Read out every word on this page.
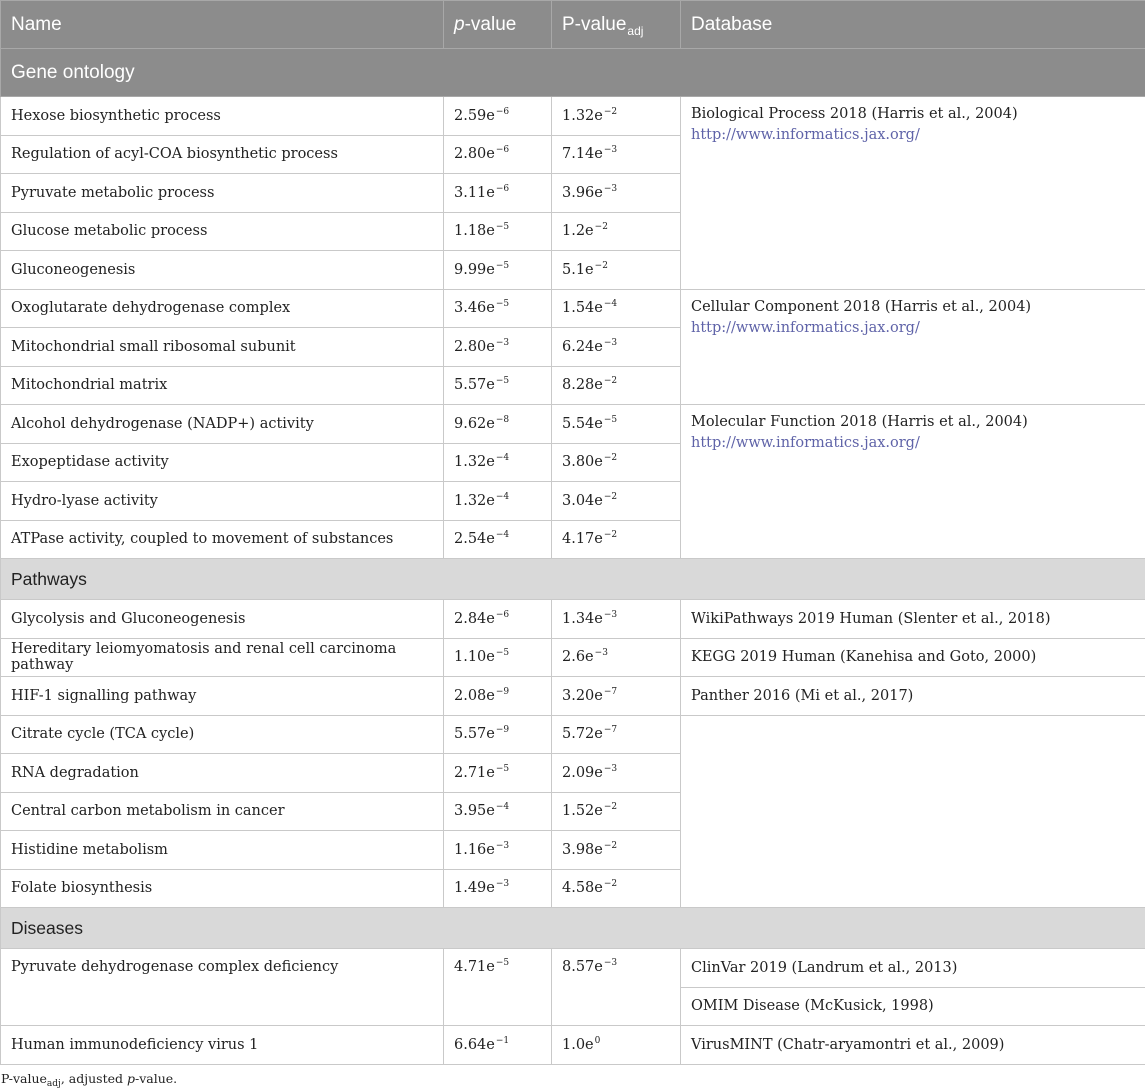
Name	p-value	P-value$_{adj}$	Database
Gene ontology			
Hexose biosynthetic process	$2.59e^{-6}$	$1.32e^{-2}$	Biological Process 2018 (Harris et al., 2004) http://www.informatics.jax.org/
Regulation of acyl-COA biosynthetic process	$2.80e^{-6}$	$7.14e^{-3}$
Pyruvate metabolic process	$3.11e^{-6}$	$3.96e^{-3}$
Glucose metabolic process	$1.18e^{-5}$	$1.2e^{-2}$
Gluconeogenesis	$9.99e^{-5}$	$5.1e^{-2}$
Oxoglutarate dehydrogenase complex	$3.46e^{-5}$	$1.54e^{-4}$	Cellular Component 2018 (Harris et al., 2004) http://www.informatics.jax.org/
Mitochondrial small ribosomal subunit	$2.80e^{-3}$	$6.24e^{-3}$
Mitochondrial matrix	$5.57e^{-5}$	$8.28e^{-2}$
Alcohol dehydrogenase (NADP+) activity	$9.62e^{-8}$	$5.54e^{-5}$	Molecular Function 2018 (Harris et al., 2004) http://www.informatics.jax.org/
Exopeptidase activity	$1.32e^{-4}$	$3.80e^{-2}$
Hydro-lyase activity	$1.32e^{-4}$	$3.04e^{-2}$
ATPase activity, coupled to movement of substances	$2.54e^{-4}$	$4.17e^{-2}$
Pathways			
Glycolysis and Gluconeogenesis	$2.84e^{-6}$	$1.34e^{-3}$	WikiPathways 2019 Human (Slenter et al., 2018)
Hereditary leiomyomatosis and renal cell carcinoma pathway	$1.10e^{-5}$	$2.6e^{-3}$	KEGG 2019 Human (Kanehisa and Goto, 2000)
HIF-1 signalling pathway	$2.08e^{-9}$	$3.20e^{-7}$	Panther 2016 (Mi et al., 2017)
Citrate cycle (TCA cycle)	$5.57e^{-9}$	$5.72e^{-7}$	
RNA degradation	$2.71e^{-5}$	$2.09e^{-3}$
Central carbon metabolism in cancer	$3.95e^{-4}$	$1.52e^{-2}$
Histidine metabolism	$1.16e^{-3}$	$3.98e^{-2}$
Folate biosynthesis	$1.49e^{-3}$	$4.58e^{-2}$
Diseases			
Pyruvate dehydrogenase complex deficiency	$4.71e^{-5}$	$8.57e^{-3}$	ClinVar 2019 (Landrum et al., 2013)
			OMIM Disease (McKusick, 1998)
Human immunodeficiency virus 1	$6.64e^{-1}$	$1.0e^0$	VirusMINT (Chatr-aryamontri et al., 2009)
P-value$_{adj}$, adjusted p-value.
